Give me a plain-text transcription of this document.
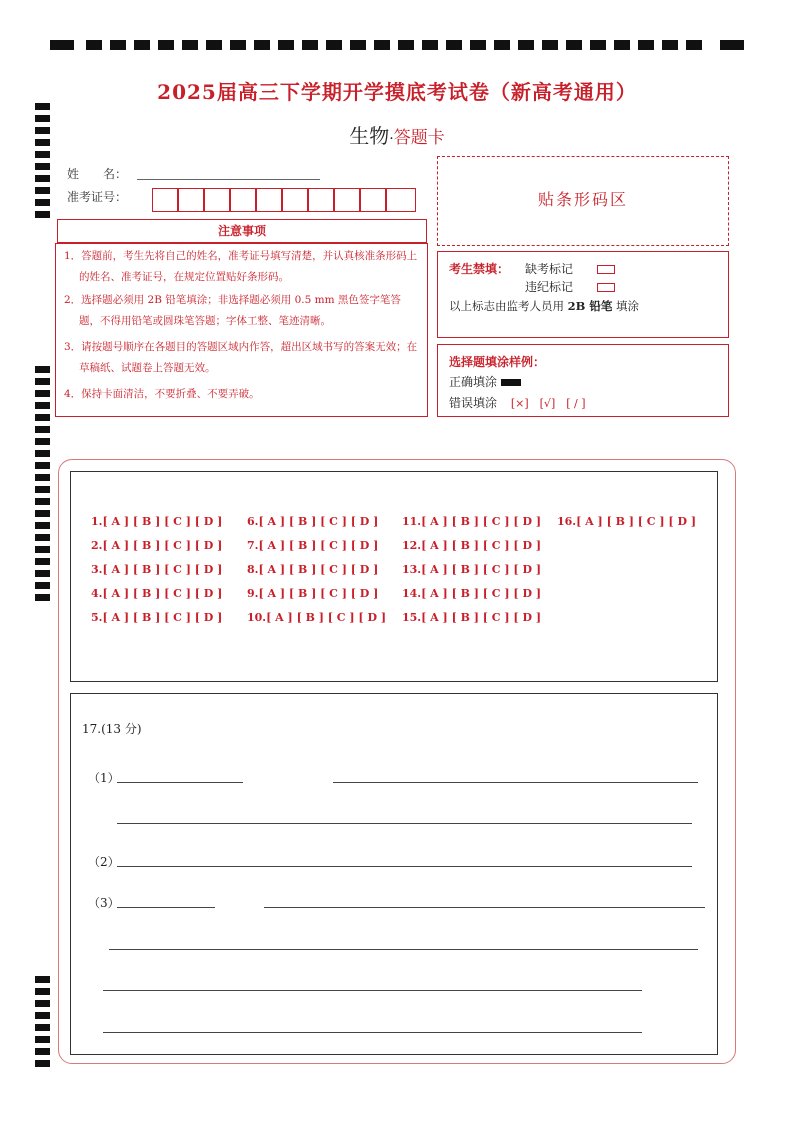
2025届高三下学期开学摸底考试卷（新高考通用）
生物·答题卡
姓　　名：
准考证号：	贴条形码区
注意事项
1．答题前，考生先将自己的姓名，准考证号填写清楚，并认真核准条形码上的姓名、准考证号，在规定位置贴好条形码。
2．选择题必须用 2B 铅笔填涂；非选择题必须用 0.5 mm 黑色签字笔答题，不得用铅笔或圆珠笔答题；字体工整、笔迹清晰。
3．请按题号顺序在各题目的答题区域内作答，超出区域书写的答案无效；在草稿纸、试题卷上答题无效。
4．保持卡面清洁，不要折叠、不要弄破。
考生禁填： 缺考标记
违纪标记
以上标志由监考人员用 2B 铅笔 填涂
选择题填涂样例：
正确填涂
错误填涂 [×]　[√]　[ / ]
1.[ A ] [ B ] [ C ] [ D ]
2.[ A ] [ B ] [ C ] [ D ]
3.[ A ] [ B ] [ C ] [ D ]
4.[ A ] [ B ] [ C ] [ D ]
5.[ A ] [ B ] [ C ] [ D ]
6.[ A ] [ B ] [ C ] [ D ]
7.[ A ] [ B ] [ C ] [ D ]
8.[ A ] [ B ] [ C ] [ D ]
9.[ A ] [ B ] [ C ] [ D ]
10.[ A ] [ B ] [ C ] [ D ]
11.[ A ] [ B ] [ C ] [ D ]
12.[ A ] [ B ] [ C ] [ D ]
13.[ A ] [ B ] [ C ] [ D ]
14.[ A ] [ B ] [ C ] [ D ]
15.[ A ] [ B ] [ C ] [ D ]
16.[ A ] [ B ] [ C ] [ D ]
17.(13 分)
（1）
（2）
（3）
